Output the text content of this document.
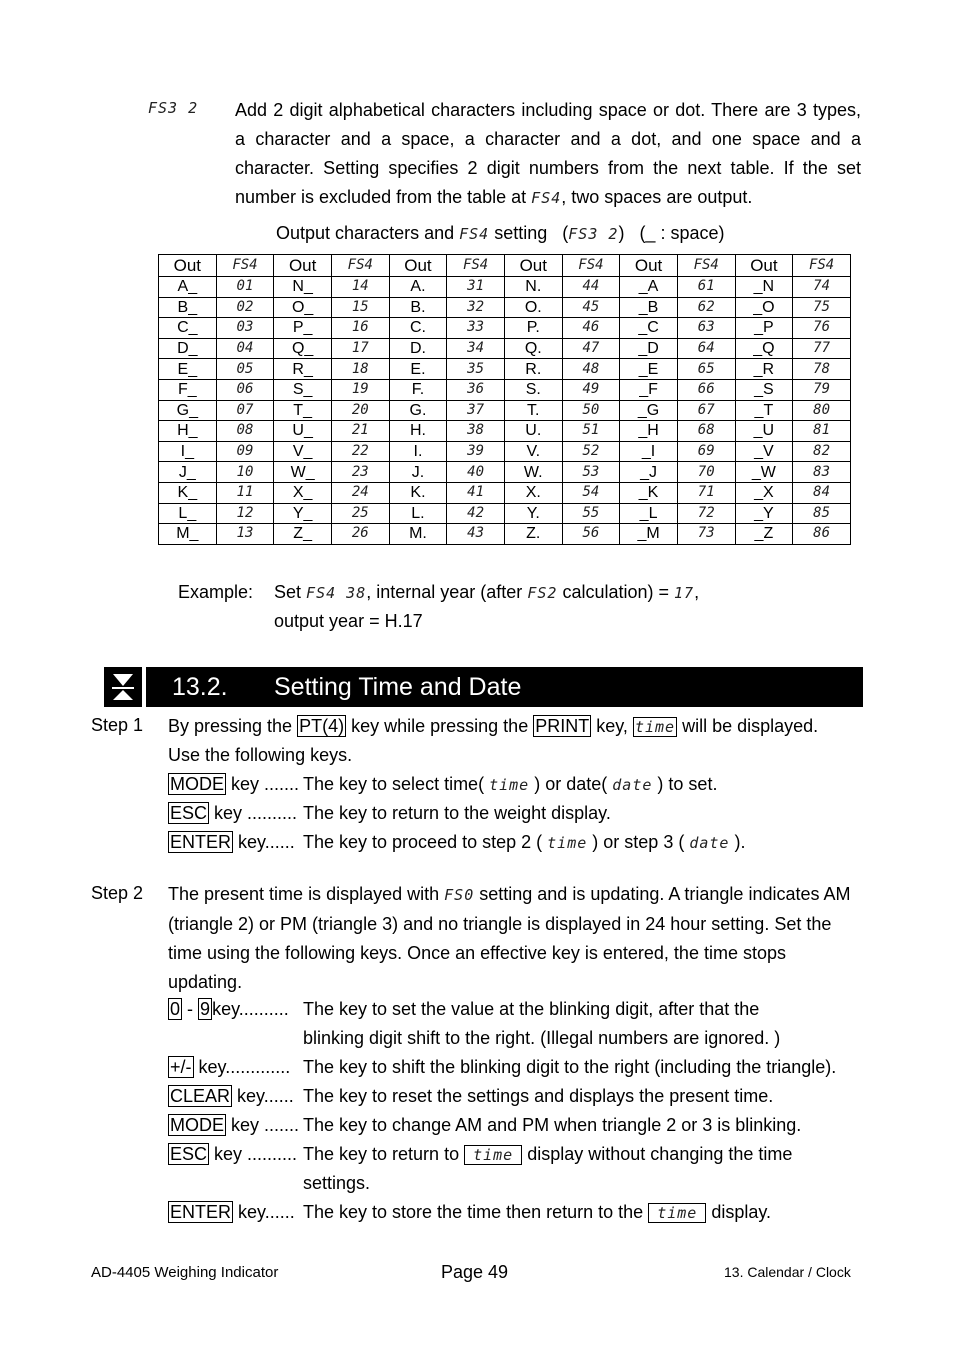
FS3 2 Add 2 digit alphabetical characters including space or dot. There are 3 types, a character and a space, a character and a dot, and one space and a character. Setting specifies 2 digit numbers from the next table. If the set number is excluded from the table at FS4, two spaces are output.

Output characters and FS4 setting   (FS3 2)   (_ : space)
Out	FS4	Out	FS4	Out	FS4	Out	FS4	Out	FS4	Out	FS4
A_	01	N_	14	A.	31	N.	44	_A	61	_N	74
B_	02	O_	15	B.	32	O.	45	_B	62	_O	75
C_	03	P_	16	C.	33	P.	46	_C	63	_P	76
D_	04	Q_	17	D.	34	Q.	47	_D	64	_Q	77
E_	05	R_	18	E.	35	R.	48	_E	65	_R	78
F_	06	S_	19	F.	36	S.	49	_F	66	_S	79
G_	07	T_	20	G.	37	T.	50	_G	67	_T	80
H_	08	U_	21	H.	38	U.	51	_H	68	_U	81
I_	09	V_	22	I.	39	V.	52	_I	69	_V	82
J_	10	W_	23	J.	40	W.	53	_J	70	_W	83
K_	11	X_	24	K.	41	X.	54	_K	71	_X	84
L_	12	Y_	25	L.	42	Y.	55	_L	72	_Y	85
M_	13	Z_	26	M.	43	Z.	56	_M	73	_Z	86
Example: Set FS4 38, internal year (after FS2 calculation) = 17,
output year = H.17
13.2. Setting Time and Date
Step 1 By pressing the PT(4) key while pressing the PRINT key, time will be displayed.

Use the following keys.

MODE key ....... The key to select time( time ) or date( date ) to set.
ESC key .......... The key to return to the weight display.
ENTER key...... The key to proceed to step 2 ( time ) or step 3 ( date ).
Step 2 The present time is displayed with FS0 setting and is updating. A triangle indicates AM (triangle 2) or PM (triangle 3) and no triangle is displayed in 24 hour setting. Set the time using the following keys. Once an effective key is entered, the time stops updating.

0 - 9 key.......... The key to set the value at the blinking digit, after that the
blinking digit shift to the right. (Illegal numbers are ignored. )
+/- key............. The key to shift the blinking digit to the right (including the triangle).
CLEAR key...... The key to reset the settings and displays the present time.
MODE key ....... The key to change AM and PM when triangle 2 or 3 is blinking.
ESC key .......... The key to return to time display without changing the time
settings.
ENTER key...... The key to store the time then return to the time display.
AD-4405 Weighing Indicator	Page 49	13. Calendar / Clock
